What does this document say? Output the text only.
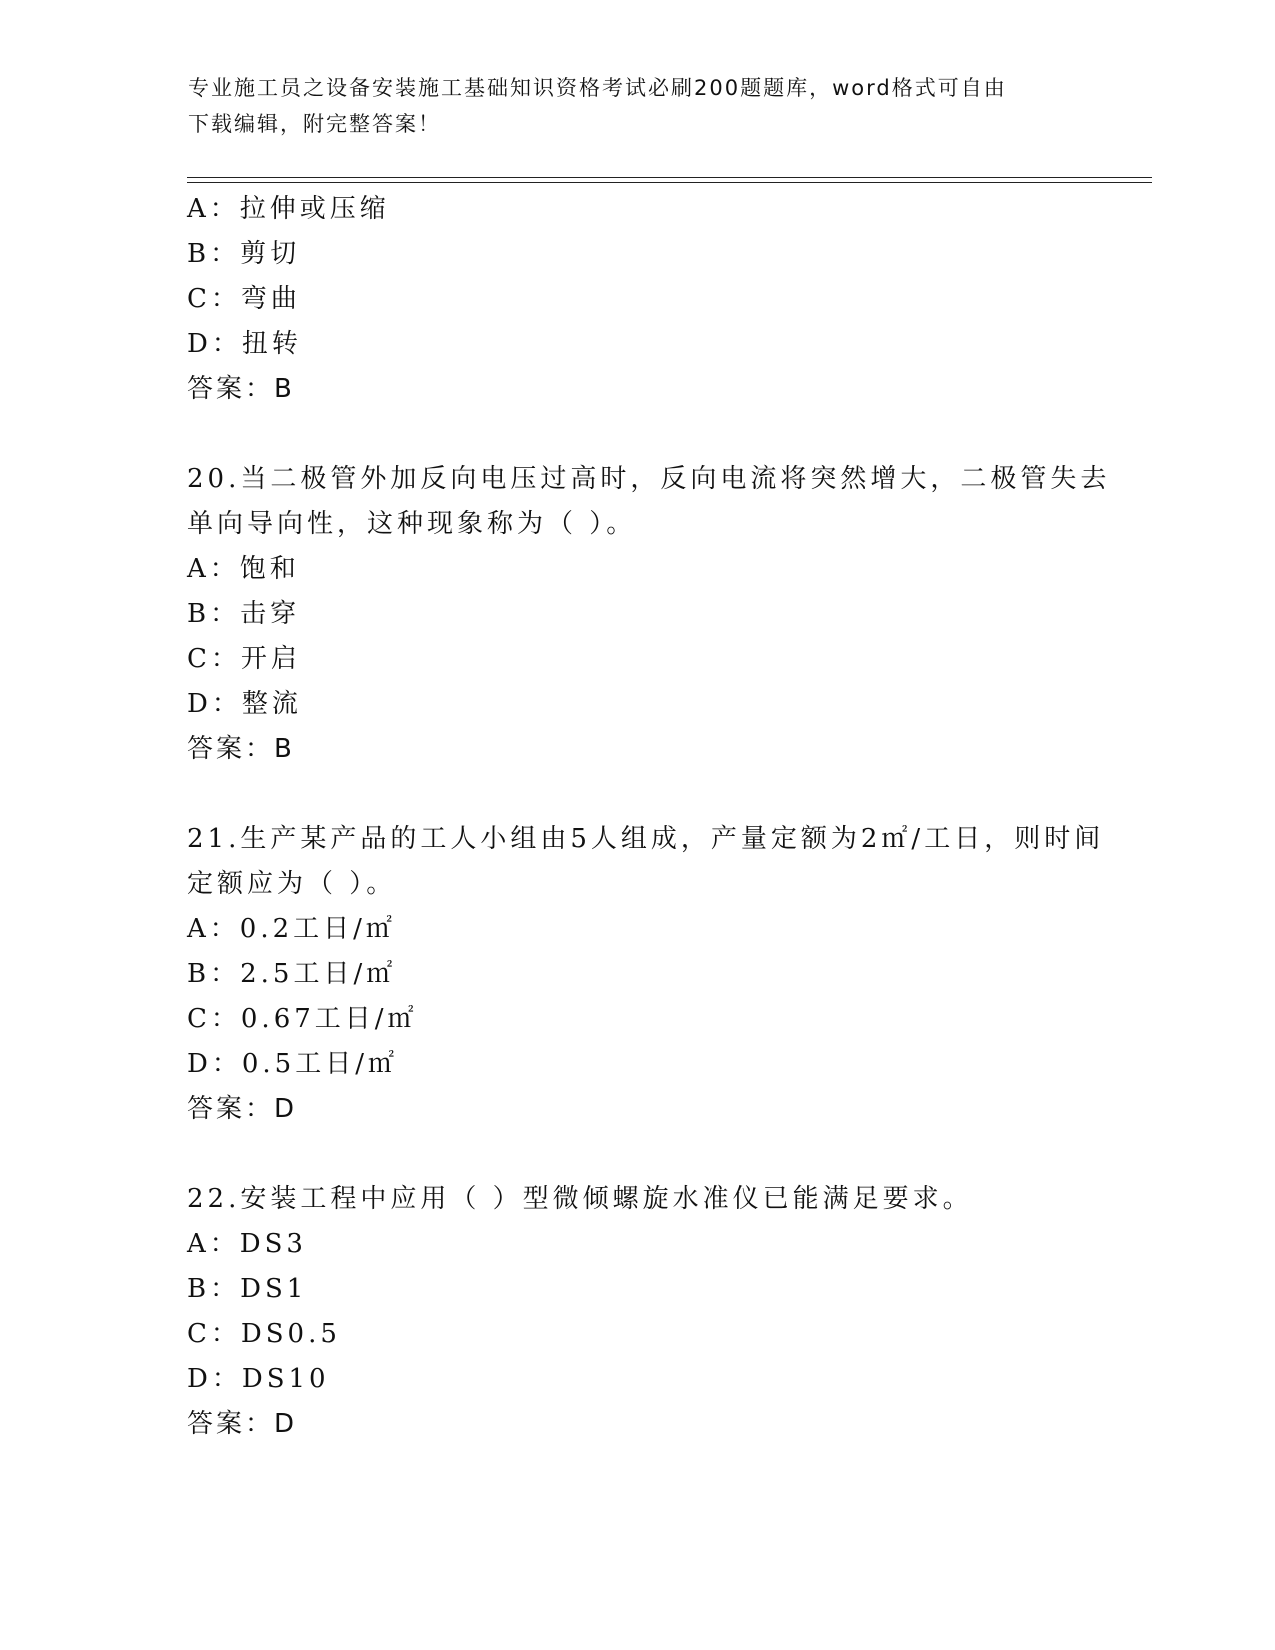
专业施工员之设备安装施工基础知识资格考试必刷200题题库，word格式可自由
下载编辑，附完整答案！
A：拉伸或压缩
B：剪切
C：弯曲
D：扭转
答案：B
20.当二极管外加反向电压过高时，反向电流将突然增大，二极管失去
单向导向性，这种现象称为（ ）。
A：饱和
B：击穿
C：开启
D：整流
答案：B
21.生产某产品的工人小组由5人组成，产量定额为2㎡/工日，则时间
定额应为（ ）。
A：0.2工日/㎡
B：2.5工日/㎡
C：0.67工日/㎡
D：0.5工日/㎡
答案：D
22.安装工程中应用（ ）型微倾螺旋水准仪已能满足要求。
A：DS3
B：DS1
C：DS0.5
D：DS10
答案：D
